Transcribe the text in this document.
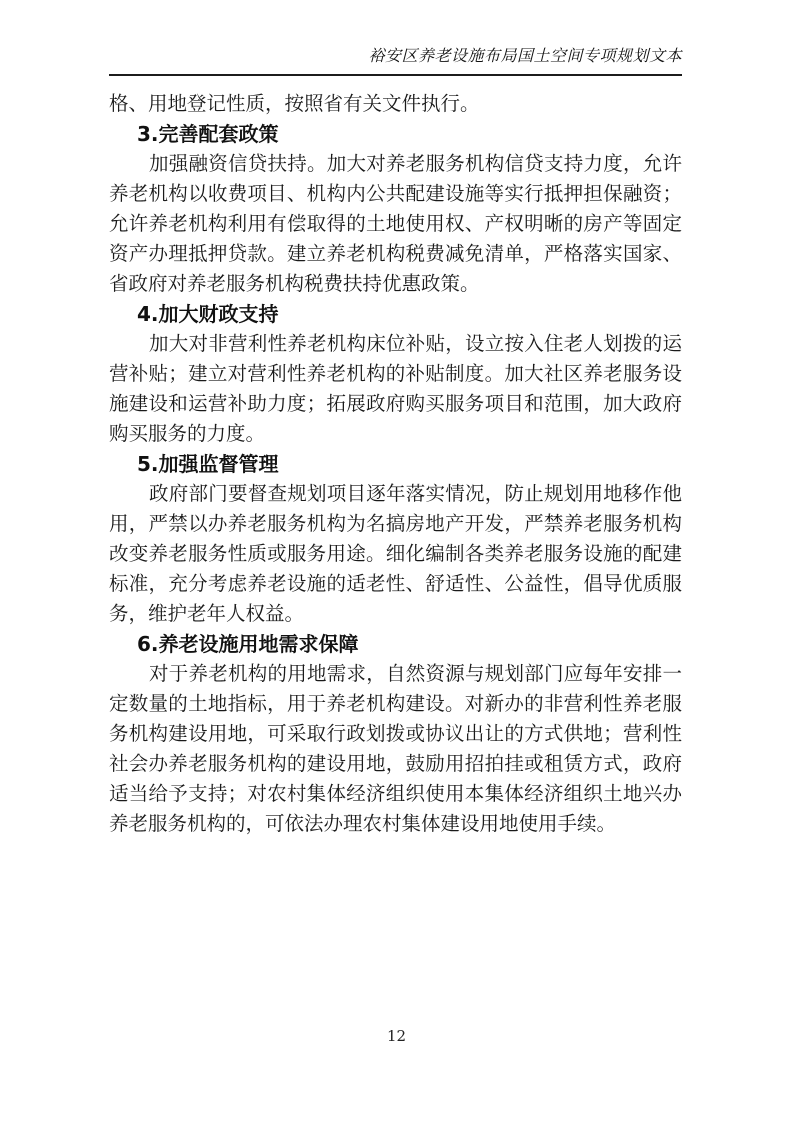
裕安区养老设施布局国土空间专项规划文本

格、用地登记性质，按照省有关文件执行。

3.完善配套政策

加强融资信贷扶持。加大对养老服务机构信贷支持力度，允许养老机构以收费项目、机构内公共配建设施等实行抵押担保融资；允许养老机构利用有偿取得的土地使用权、产权明晰的房产等固定资产办理抵押贷款。建立养老机构税费减免清单，严格落实国家、省政府对养老服务机构税费扶持优惠政策。

4.加大财政支持

加大对非营利性养老机构床位补贴，设立按入住老人划拨的运营补贴；建立对营利性养老机构的补贴制度。加大社区养老服务设施建设和运营补助力度；拓展政府购买服务项目和范围，加大政府购买服务的力度。

5.加强监督管理

政府部门要督查规划项目逐年落实情况，防止规划用地移作他用，严禁以办养老服务机构为名搞房地产开发，严禁养老服务机构改变养老服务性质或服务用途。细化编制各类养老服务设施的配建标准，充分考虑养老设施的适老性、舒适性、公益性，倡导优质服务，维护老年人权益。

6.养老设施用地需求保障

对于养老机构的用地需求，自然资源与规划部门应每年安排一定数量的土地指标，用于养老机构建设。对新办的非营利性养老服务机构建设用地，可采取行政划拨或协议出让的方式供地；营利性社会办养老服务机构的建设用地，鼓励用招拍挂或租赁方式，政府适当给予支持；对农村集体经济组织使用本集体经济组织土地兴办养老服务机构的，可依法办理农村集体建设用地使用手续。

12
